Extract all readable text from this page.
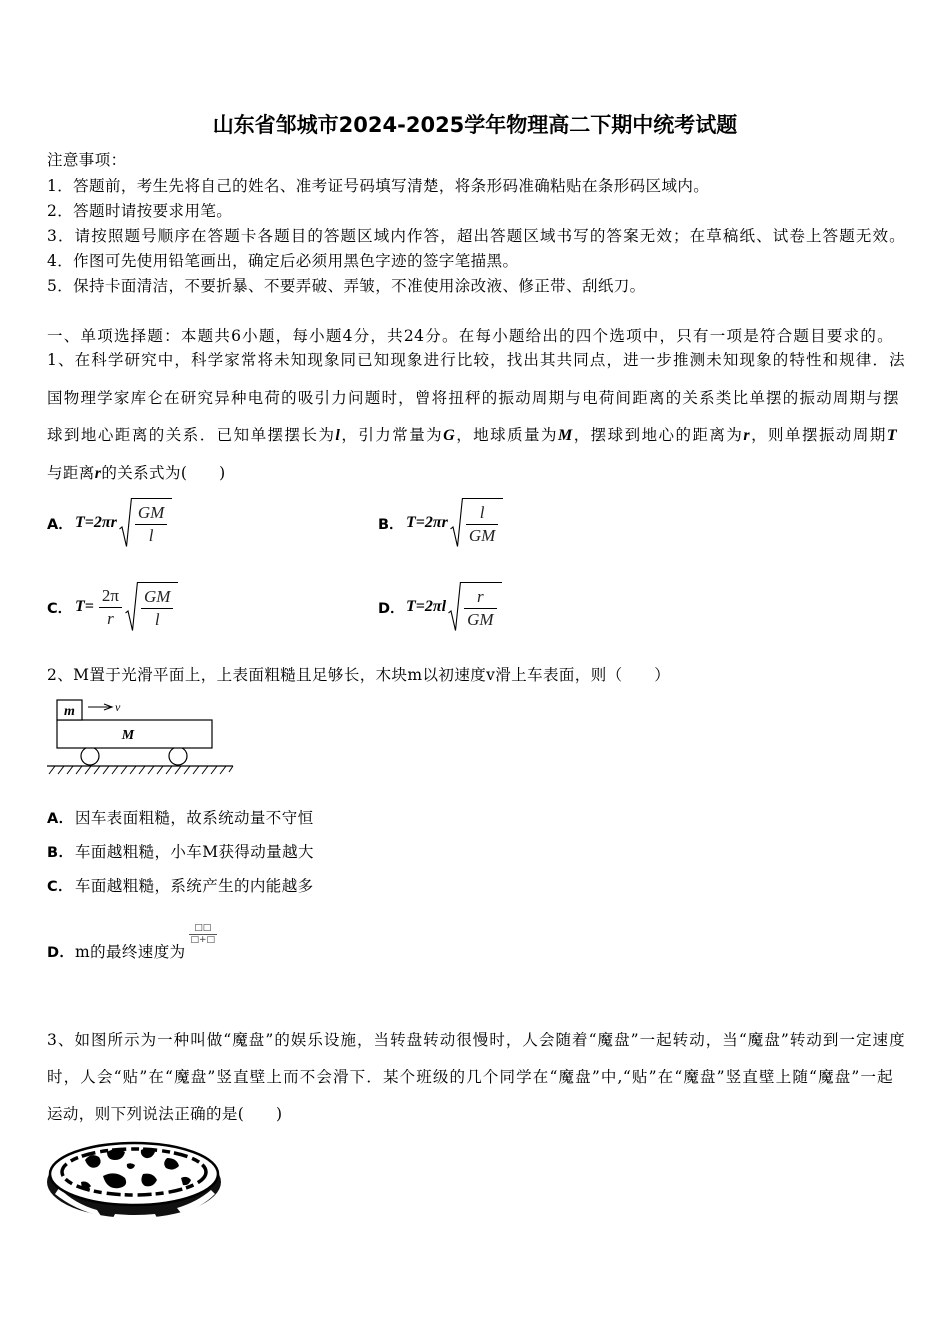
山东省邹城市2024-2025学年物理高二下期中统考试题
注意事项：
1．答题前，考生先将自己的姓名、准考证号码填写清楚，将条形码准确粘贴在条形码区域内。
2．答题时请按要求用笔。
3．请按照题号顺序在答题卡各题目的答题区域内作答，超出答题区域书写的答案无效；在草稿纸、试卷上答题无效。
4．作图可先使用铅笔画出，确定后必须用黑色字迹的签字笔描黑。
5．保持卡面清洁，不要折暴、不要弄破、弄皱，不准使用涂改液、修正带、刮纸刀。
一、单项选择题：本题共6小题，每小题4分，共24分。在每小题给出的四个选项中，只有一项是符合题目要求的。
1、在科学研究中，科学家常将未知现象同已知现象进行比较，找出其共同点，进一步推测未知现象的特性和规律．法
国物理学家库仑在研究异种电荷的吸引力问题时，曾将扭秤的振动周期与电荷间距离的关系类比单摆的振动周期与摆
球到地心距离的关系．已知单摆摆长为l，引力常量为G，地球质量为M，摆球到地心的距离为r，则单摆振动周期T
与距离r的关系式为(　　)
A． $T=2\pi r \frac{GM}{l}$	B． $T=2\pi r \frac{l}{GM}$
C． $T= \frac{2\pi}{r} \frac{GM}{l}$	D． $T=2\pi l \frac{r}{GM}$
2、M置于光滑平面上，上表面粗糙且足够长，木块m以初速度v滑上车表面，则（　　）
M
m	v
A．因车表面粗糙，故系统动量不守恒
B． 车面越粗糙，小车M获得动量越大
C． 车面越粗糙，系统产生的内能越多
D．m的最终速度为
$\frac{□□}{□+□}$
3、如图所示为一种叫做“魔盘”的娱乐设施，当转盘转动很慢时，人会随着“魔盘”一起转动，当“魔盘”转动到一定速度
时，人会“贴”在“魔盘”竖直壁上而不会滑下．某个班级的几个同学在“魔盘”中,“贴”在“魔盘”竖直壁上随“魔盘”一起
运动，则下列说法正确的是(　　)
